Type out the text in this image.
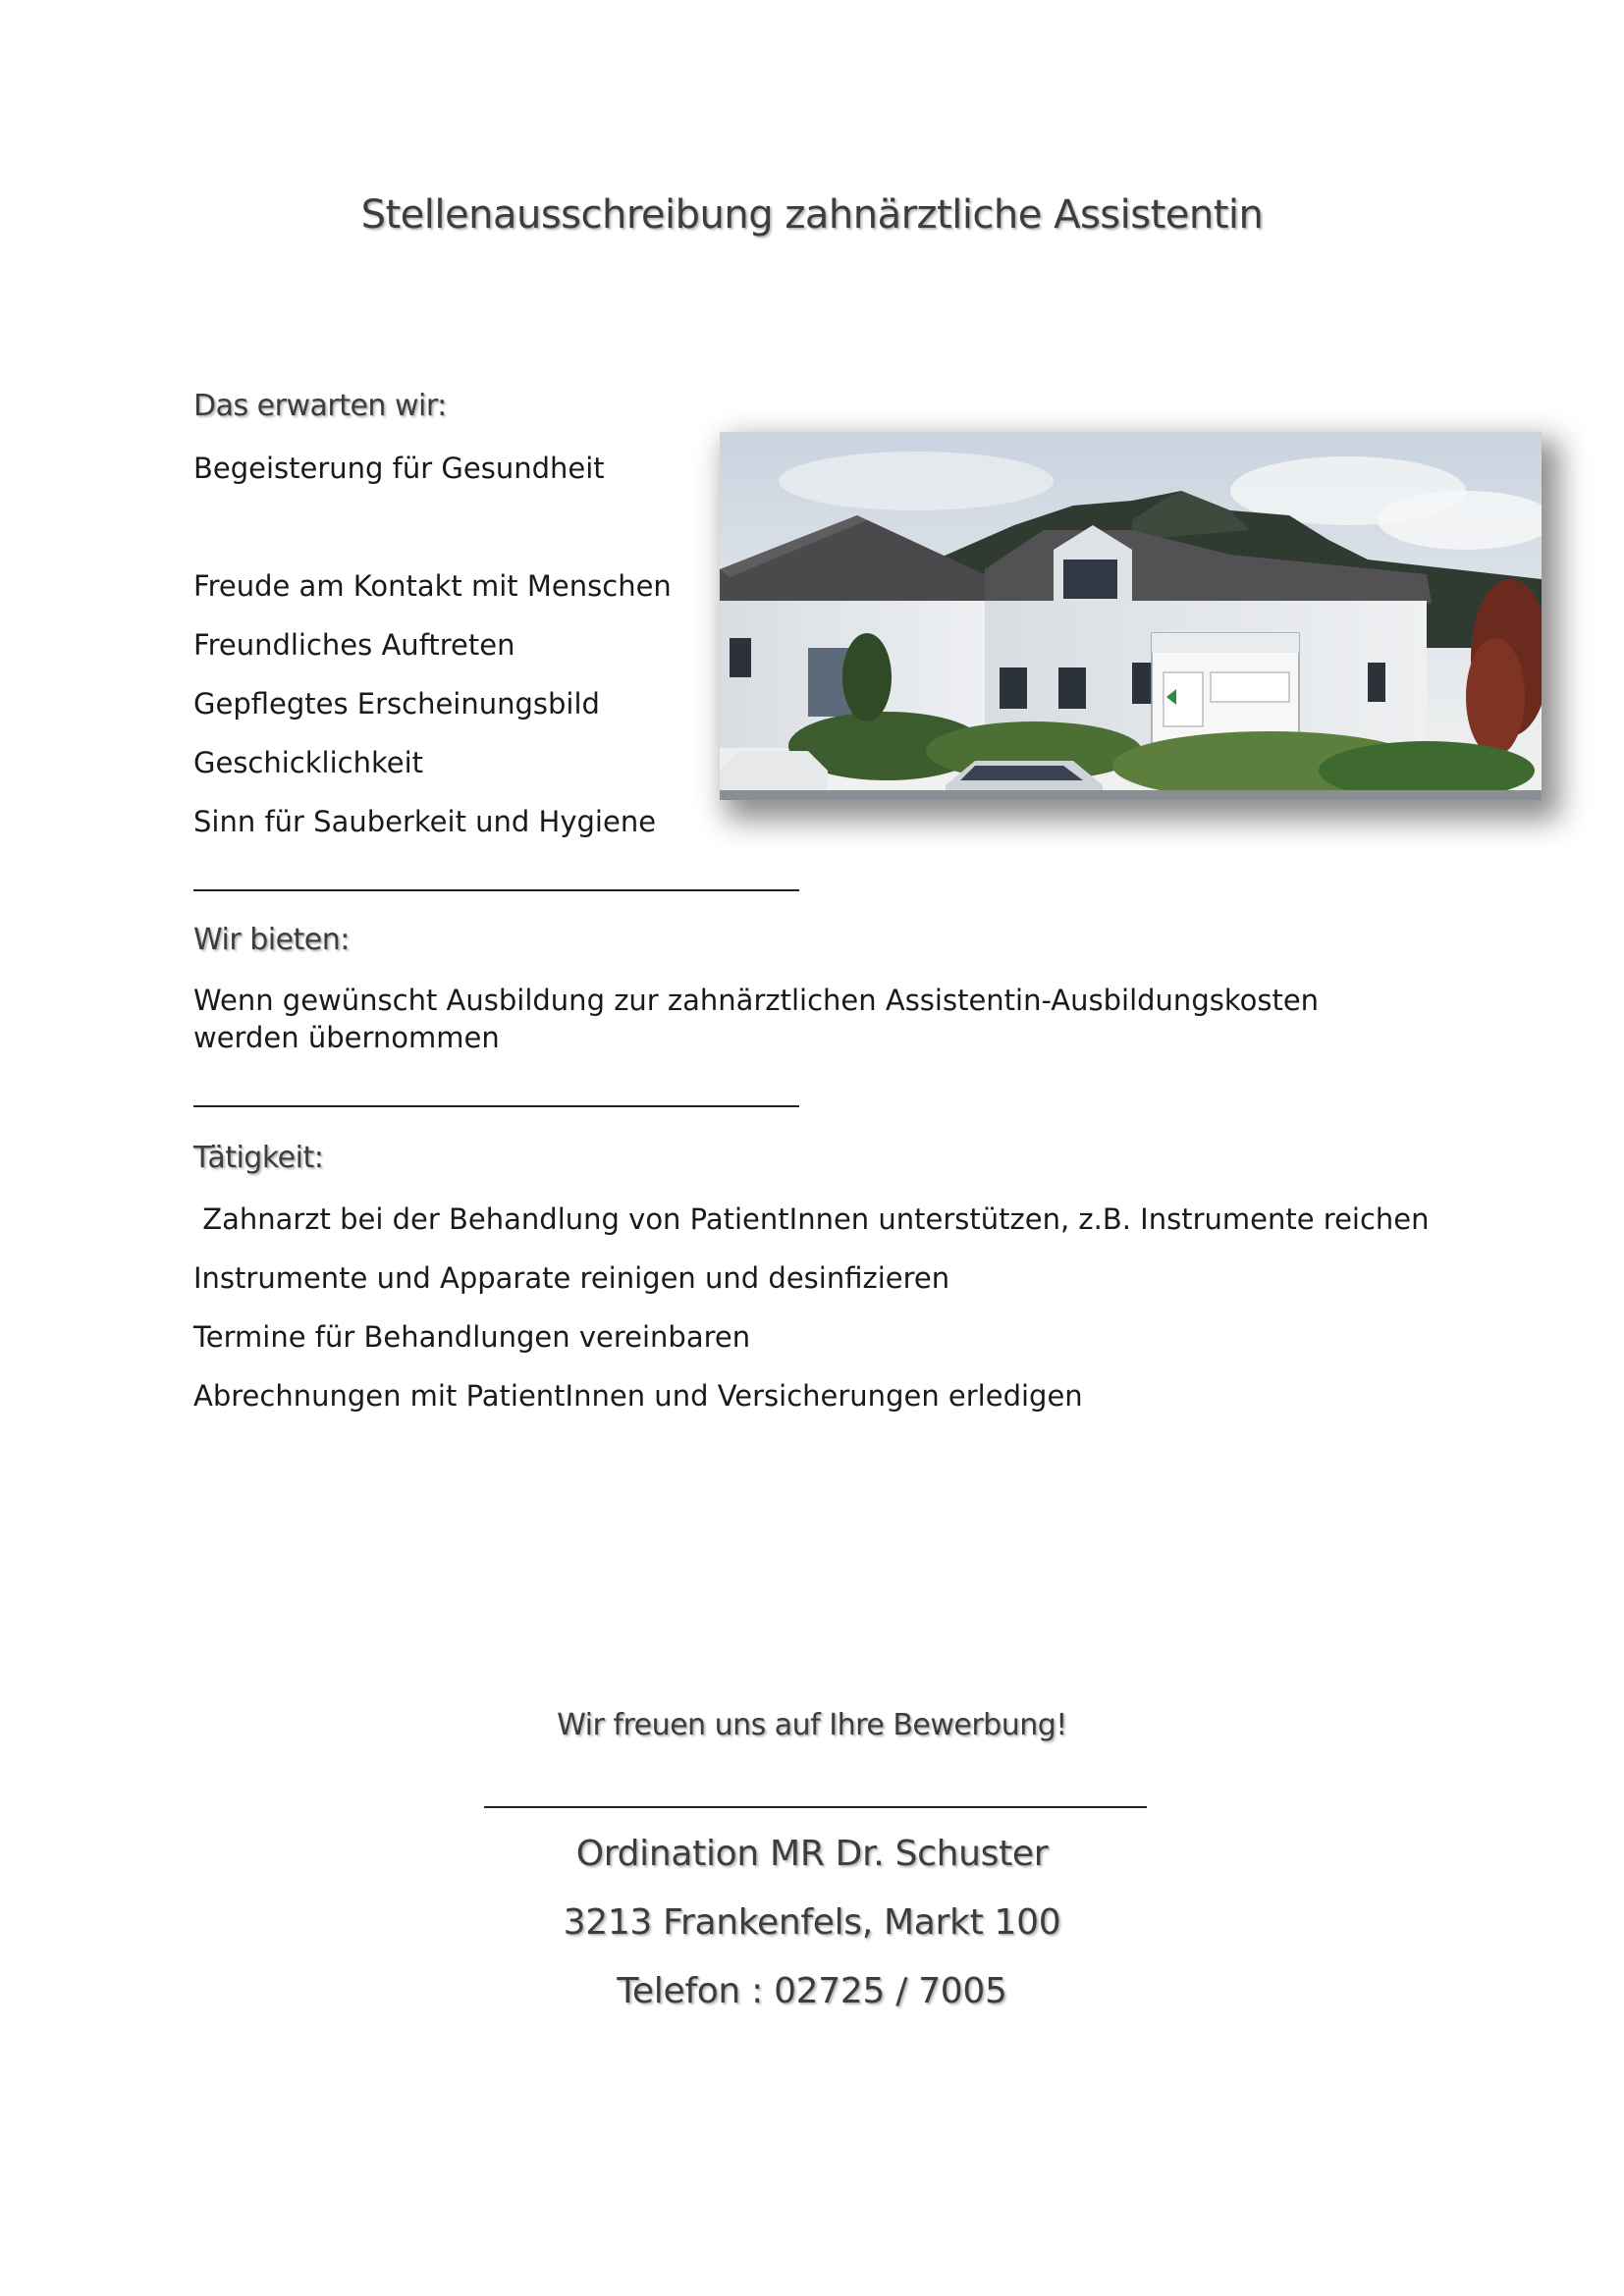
Stellenausschreibung zahnärztliche Assistentin
Das erwarten wir:
Begeisterung für Gesundheit
Freude am Kontakt mit Menschen
Freundliches Auftreten
Gepflegtes Erscheinungsbild
Geschicklichkeit
Sinn für Sauberkeit und Hygiene
Wir bieten:
Wenn gewünscht Ausbildung zur zahnärztlichen Assistentin-Ausbildungskosten werden übernommen
Tätigkeit:
Zahnarzt bei der Behandlung von PatientInnen unterstützen, z.B. Instrumente reichen
Instrumente und Apparate reinigen und desinfizieren
Termine für Behandlungen vereinbaren
Abrechnungen mit PatientInnen und Versicherungen erledigen
Wir freuen uns auf Ihre Bewerbung!
Ordination MR Dr. Schuster
3213 Frankenfels, Markt 100
Telefon : 02725 / 7005
